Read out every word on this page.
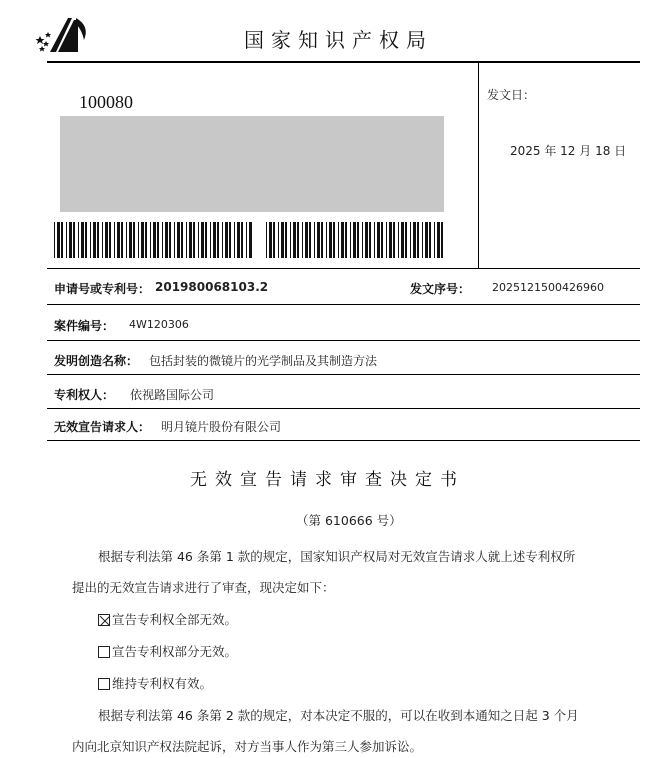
国家知识产权局
100080	发文日：
2025 年 12 月 18 日
申请号或专利号： 201980068103.2	发文序号： 2025121500426960
案件编号： 4W120306
发明创造名称： 包括封装的微镜片的光学制品及其制造方法
专利权人： 依视路国际公司
无效宣告请求人： 明月镜片股份有限公司
无效宣告请求审查决定书
（第 610666 号）
根据专利法第 46 条第 1 款的规定，国家知识产权局对无效宣告请求人就上述专利权所
提出的无效宣告请求进行了审查，现决定如下：
宣告专利权全部无效。
宣告专利权部分无效。
维持专利权有效。
根据专利法第 46 条第 2 款的规定，对本决定不服的，可以在收到本通知之日起 3 个月
内向北京知识产权法院起诉，对方当事人作为第三人参加诉讼。
